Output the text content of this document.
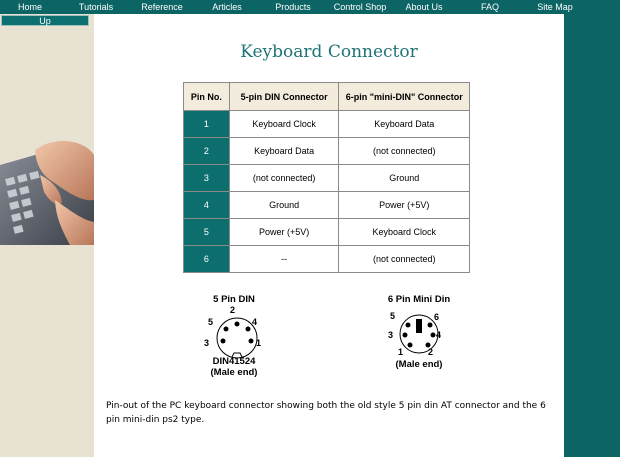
Home	Tutorials	Reference	Articles	Products	Control Shop	About Us	FAQ	Site Map
Up
Keyboard Connector
Pin No.	5-pin DIN Connector	6-pin "mini-DIN" Connector
1	Keyboard Clock	Keyboard Data
2	Keyboard Data	(not connected)
3	(not connected)	Ground
4	Ground	Power (+5V)
5	Power (+5V)	Keyboard Clock
6	--	(not connected)
5 Pin DIN
2
5	4
3	1
DIN41524
(Male end)
6 Pin Mini Din
5	6
3	4
1	2
(Male end)
Pin-out of the PC keyboard connector showing both the old style 5 pin din AT connector and the 6 pin mini-din ps2 type.
